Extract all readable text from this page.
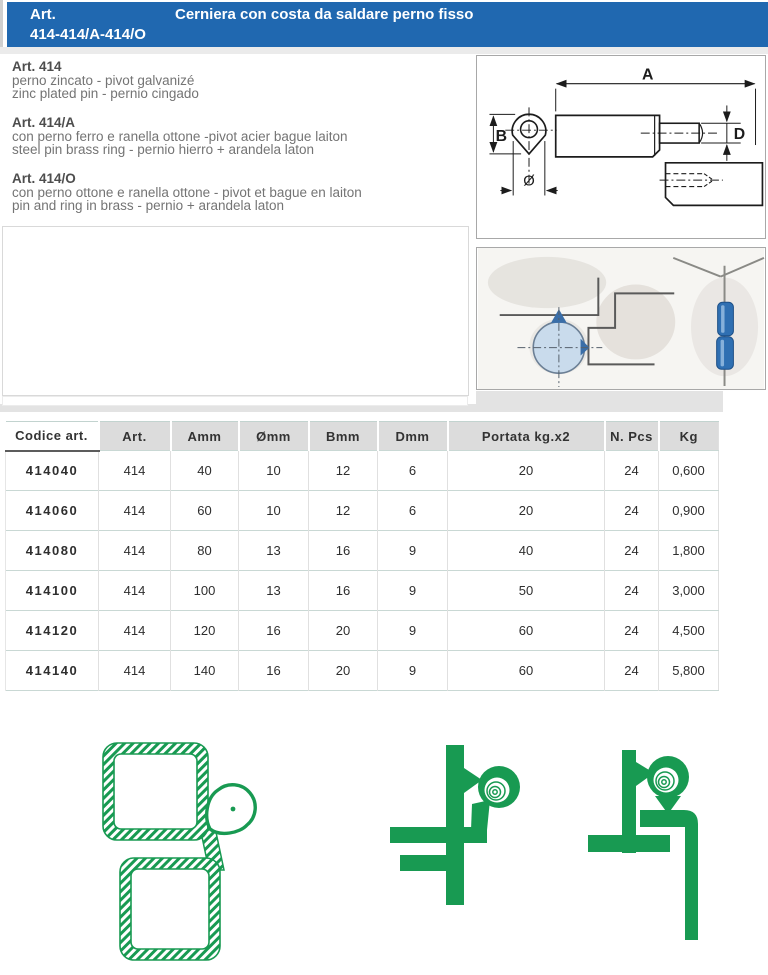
Art.
414-414/A-414/O
Cerniera con costa da saldare perno fisso
Art. 414
perno zincato - pivot galvanizé
zinc plated pin - pernio cingado
Art. 414/A
con perno ferro e ranella ottone -pivot acier bague laiton
steel pin brass ring - pernio hierro + arandela laton
Art. 414/O
con perno ottone e ranella ottone - pivot et bague en laiton
pin and ring in brass - pernio + arandela laton
A
B	D
Ø
Codice art.	Art.	Amm	Ømm	Bmm	Dmm	Portata kg.x2	N. Pcs	Kg
414040	414	40	10	12	6	20	24	0,600
414060	414	60	10	12	6	20	24	0,900
414080	414	80	13	16	9	40	24	1,800
414100	414	100	13	16	9	50	24	3,000
414120	414	120	16	20	9	60	24	4,500
414140	414	140	16	20	9	60	24	5,800
